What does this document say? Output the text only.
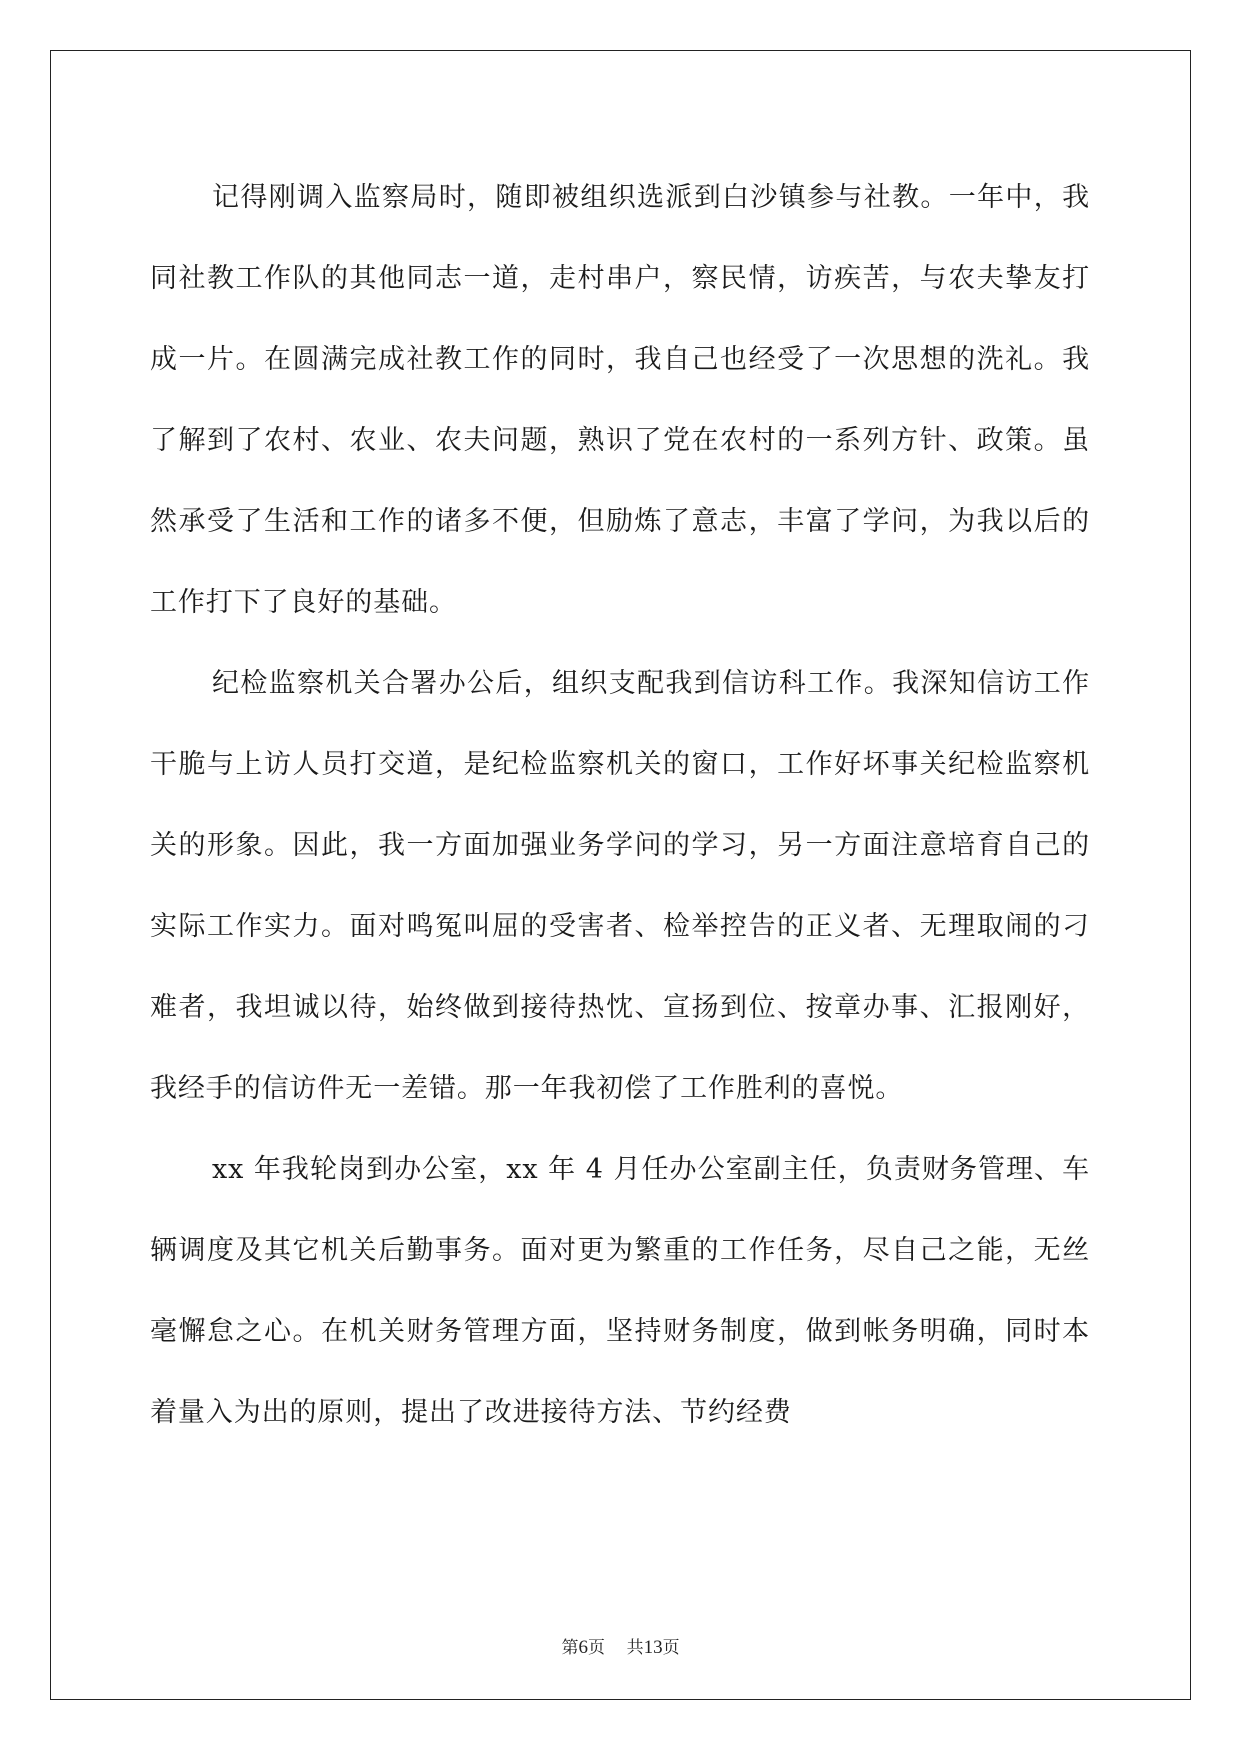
记得刚调入监察局时，随即被组织选派到白沙镇参与社教。一年中，我同社教工作队的其他同志一道，走村串户，察民情，访疾苦，与农夫挚友打成一片。在圆满完成社教工作的同时，我自己也经受了一次思想的洗礼。我了解到了农村、农业、农夫问题，熟识了党在农村的一系列方针、政策。虽然承受了生活和工作的诸多不便，但励炼了意志，丰富了学问，为我以后的工作打下了良好的基础。

纪检监察机关合署办公后，组织支配我到信访科工作。我深知信访工作干脆与上访人员打交道，是纪检监察机关的窗口，工作好坏事关纪检监察机关的形象。因此，我一方面加强业务学问的学习，另一方面注意培育自己的实际工作实力。面对鸣冤叫屈的受害者、检举控告的正义者、无理取闹的刁难者，我坦诚以待，始终做到接待热忱、宣扬到位、按章办事、汇报刚好，我经手的信访件无一差错。那一年我初偿了工作胜利的喜悦。

xx 年我轮岗到办公室，xx 年 4 月任办公室副主任，负责财务管理、车辆调度及其它机关后勤事务。面对更为繁重的工作任务，尽自己之能，无丝毫懈怠之心。在机关财务管理方面，坚持财务制度，做到帐务明确，同时本着量入为出的原则，提出了改进接待方法、节约经费

第6页 共13页
